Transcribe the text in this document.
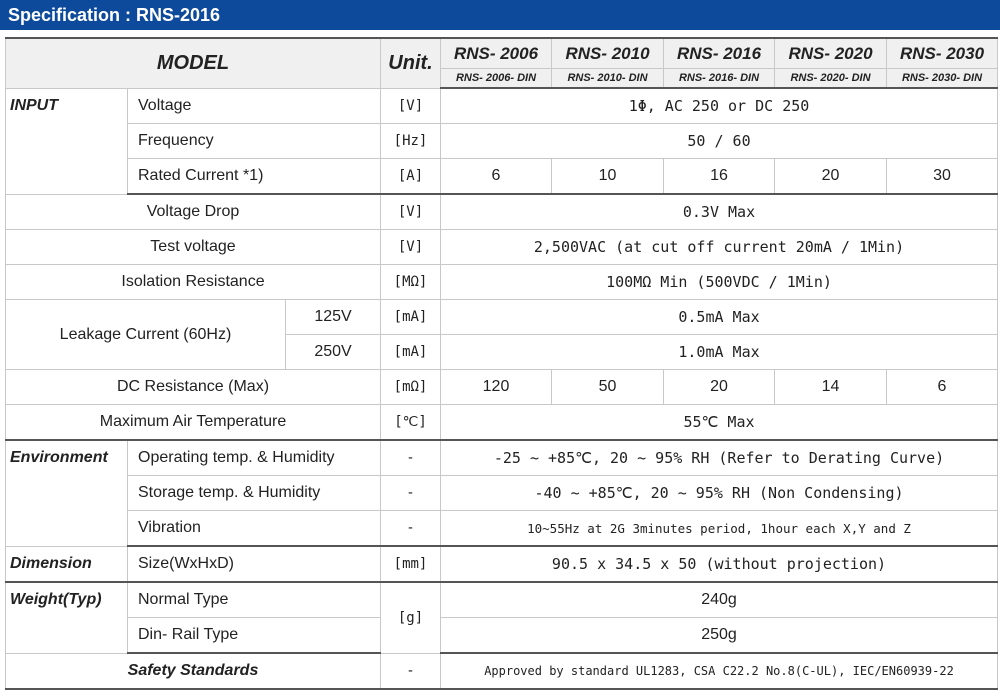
Specification : RNS-2016
MODEL			Unit.	RNS- 2006	RNS- 2010	RNS- 2016	RNS- 2020	RNS- 2030
				RNS- 2006- DIN	RNS- 2010- DIN	RNS- 2016- DIN	RNS- 2020- DIN	RNS- 2030- DIN
INPUT	Voltage		[V]	1Φ, AC 250 or DC 250				
	Frequency		[Hz]	50 / 60				
	Rated Current *1)		[A]	6	10	16	20	30
Voltage Drop			[V]	0.3V Max				
Test voltage			[V]	2,500VAC (at cut off current 20mA / 1Min)				
Isolation Resistance			[MΩ]	100MΩ Min (500VDC / 1Min)				
Leakage Current (60Hz)		125V	[mA]	0.5mA Max				
		250V	[mA]	1.0mA Max				
DC Resistance (Max)			[mΩ]	120	50	20	14	6
Maximum Air Temperature			[℃]	55℃ Max				
Environment	Operating temp. & Humidity		-	-25 ~ +85℃, 20 ~ 95% RH (Refer to Derating Curve)				
	Storage temp. & Humidity		-	-40 ~ +85℃, 20 ~ 95% RH (Non Condensing)				
	Vibration		-	10~55Hz at 2G 3minutes period, 1hour each X,Y and Z				
Dimension	Size(WxHxD)		[mm]	90.5 x 34.5 x 50 (without projection)				
Weight(Typ)	Normal Type		[g]	240g				
	Din- Rail Type			250g				
Safety Standards			-	Approved by standard UL1283, CSA C22.2 No.8(C-UL), IEC/EN60939-22				
